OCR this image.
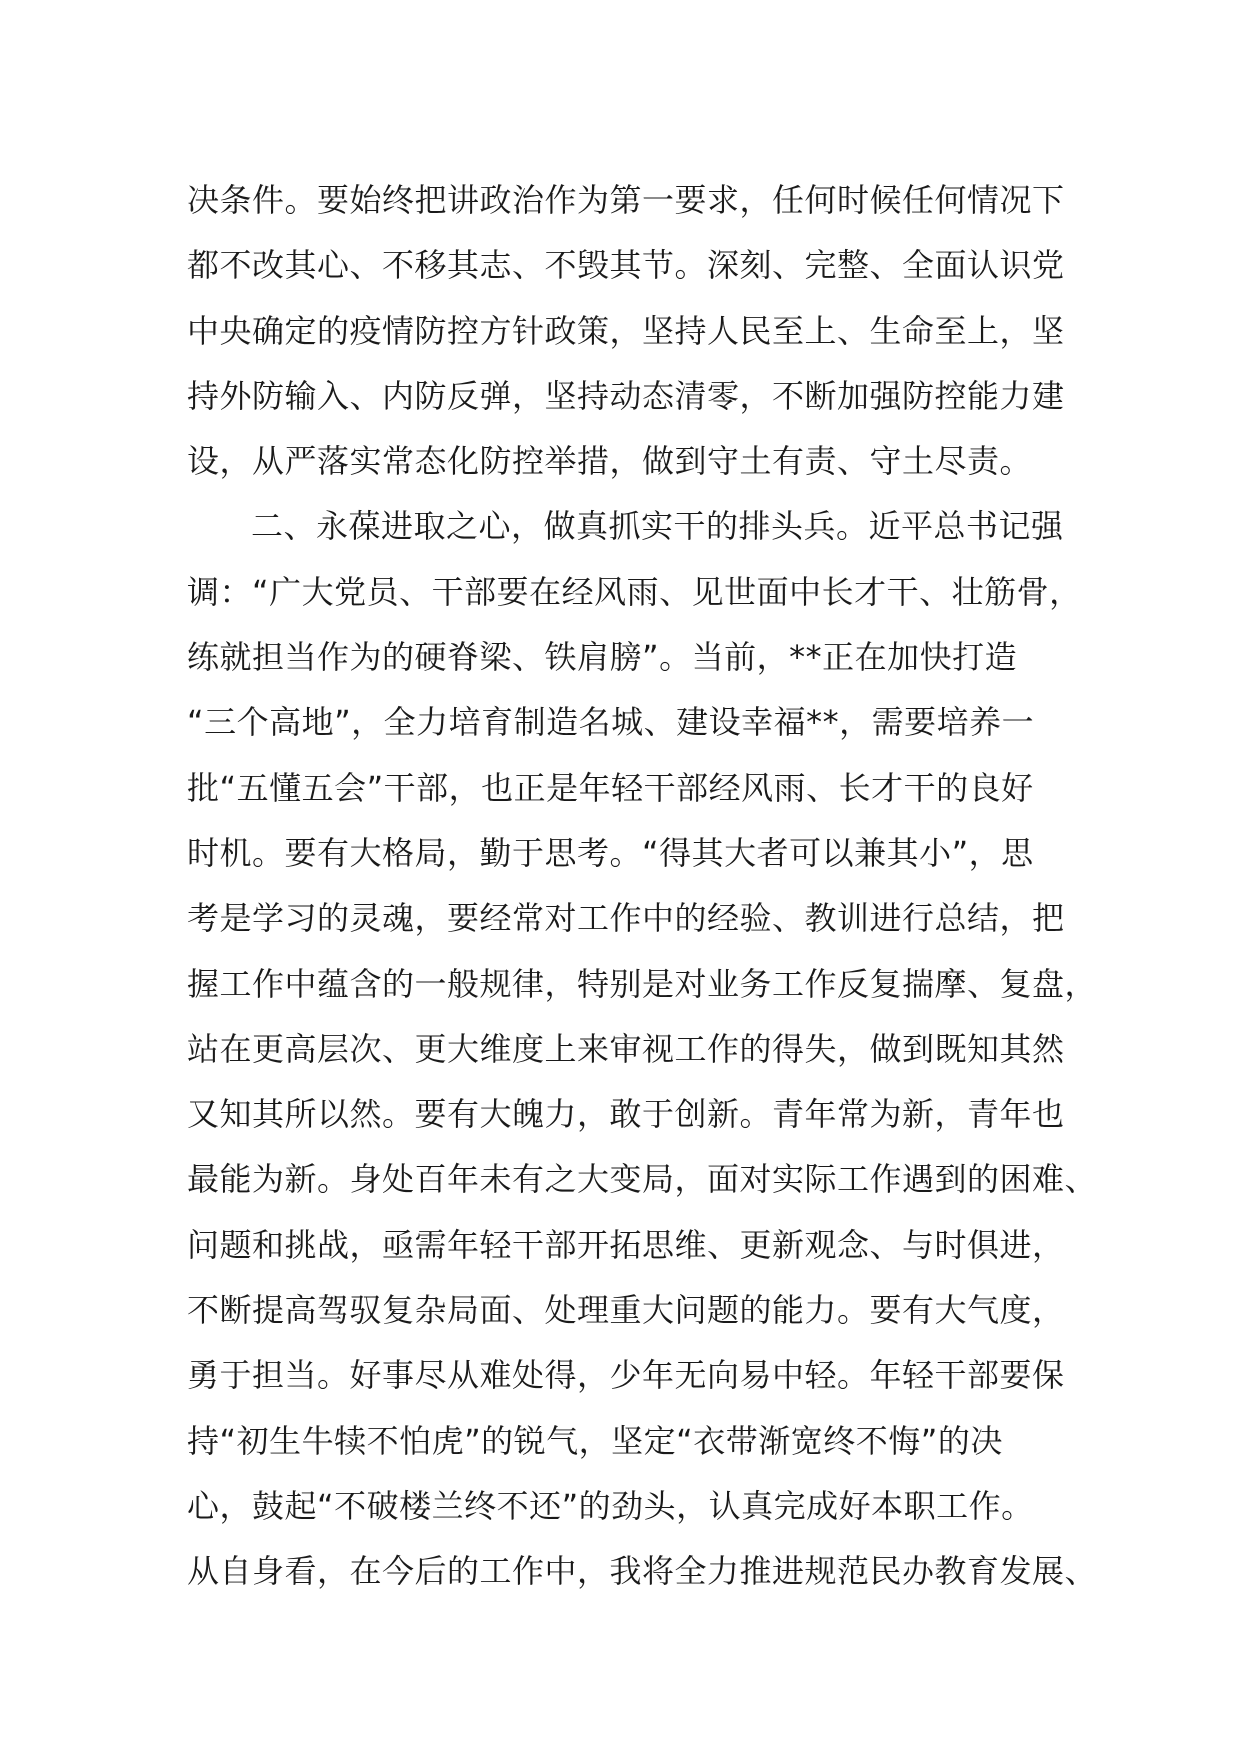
决条件。要始终把讲政治作为第一要求，任何时候任何情况下
都不改其心、不移其志、不毁其节。深刻、完整、全面认识党
中央确定的疫情防控方针政策，坚持人民至上、生命至上，坚
持外防输入、内防反弹，坚持动态清零，不断加强防控能力建
设，从严落实常态化防控举措，做到守土有责、守土尽责。
二、永葆进取之心，做真抓实干的排头兵。近平总书记强
调：“广大党员、干部要在经风雨、见世面中长才干、壮筋骨，
练就担当作为的硬脊梁、铁肩膀”。当前，**正在加快打造
“三个高地”，全力培育制造名城、建设幸福**，需要培养一
批“五懂五会”干部，也正是年轻干部经风雨、长才干的良好
时机。要有大格局，勤于思考。“得其大者可以兼其小”，思
考是学习的灵魂，要经常对工作中的经验、教训进行总结，把
握工作中蕴含的一般规律，特别是对业务工作反复揣摩、复盘，
站在更高层次、更大维度上来审视工作的得失，做到既知其然
又知其所以然。要有大魄力，敢于创新。青年常为新，青年也
最能为新。身处百年未有之大变局，面对实际工作遇到的困难、
问题和挑战，亟需年轻干部开拓思维、更新观念、与时俱进，
不断提高驾驭复杂局面、处理重大问题的能力。要有大气度，
勇于担当。好事尽从难处得，少年无向易中轻。年轻干部要保
持“初生牛犊不怕虎”的锐气，坚定“衣带渐宽终不悔”的决
心，鼓起“不破楼兰终不还”的劲头，认真完成好本职工作。
从自身看，在今后的工作中，我将全力推进规范民办教育发展、
